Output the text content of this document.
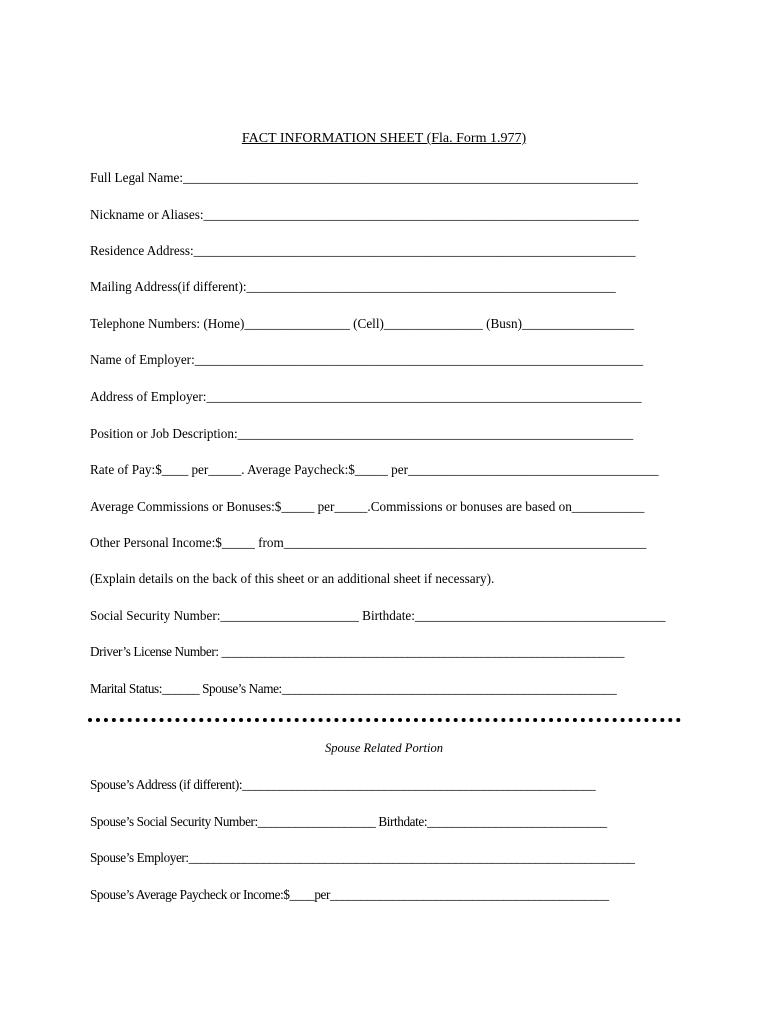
FACT INFORMATION SHEET (Fla. Form 1.977)
Full Legal Name:_____________________________________________________________________
Nickname or Aliases:__________________________________________________________________
Residence Address:___________________________________________________________________
Mailing Address(if different):________________________________________________________
Telephone Numbers: (Home)________________ (Cell)_______________ (Busn)_________________
Name of Employer:____________________________________________________________________
Address of Employer:__________________________________________________________________
Position or Job Description:____________________________________________________________
Rate of Pay:$____ per_____. Average Paycheck:$_____ per______________________________________
Average Commissions or Bonuses:$_____ per_____.Commissions or bonuses are based on___________
Other Personal Income:$_____ from_______________________________________________________
(Explain details on the back of this sheet or an additional sheet if necessary).
Social Security Number:_____________________ Birthdate:______________________________________
Driver’s License Number: _________________________________________________________________
Marital Status:______ Spouse’s Name:______________________________________________________
Spouse Related Portion
Spouse’s Address (if different):_________________________________________________________
Spouse’s Social Security Number:___________________ Birthdate:_____________________________
Spouse’s Employer:________________________________________________________________________
Spouse’s Average Paycheck or Income:$____per_____________________________________________
